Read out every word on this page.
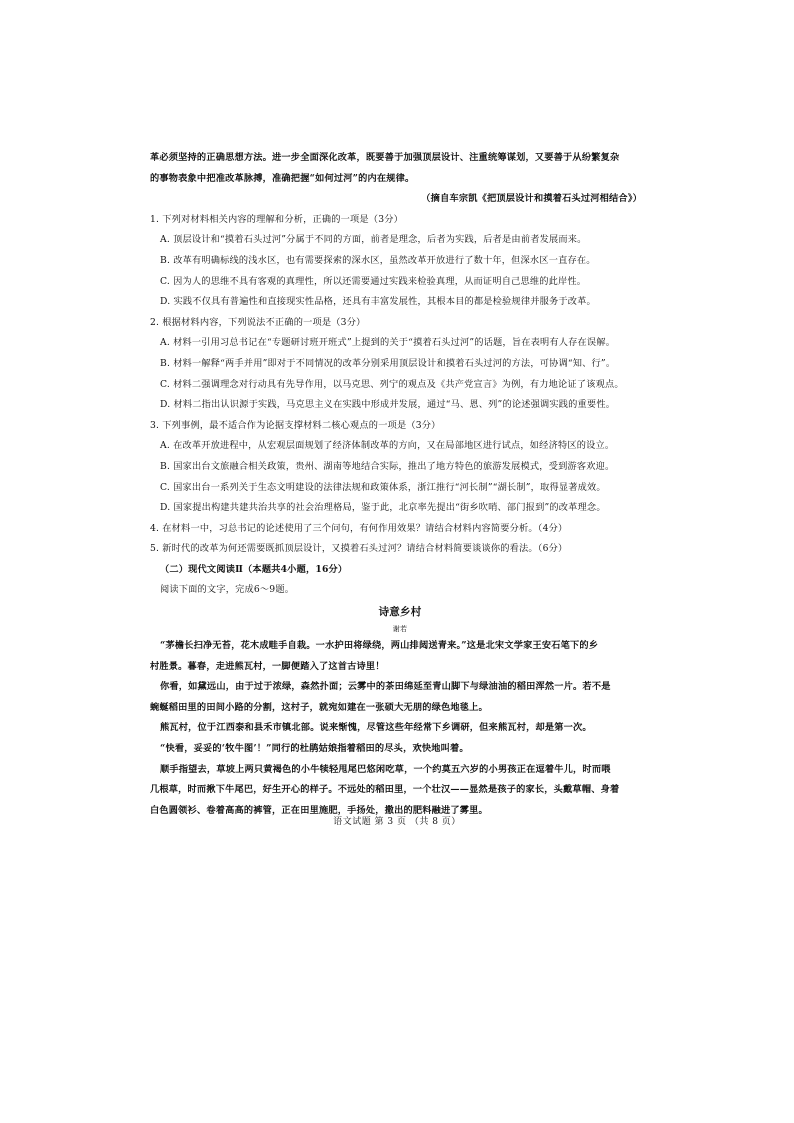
革必须坚持的正确思想方法。进一步全面深化改革，既要善于加强顶层设计、注重统筹谋划，又要善于从纷繁复杂
的事物表象中把准改革脉搏，准确把握“如何过河”的内在规律。
（摘自车宗凯《把顶层设计和摸着石头过河相结合》）
1. 下列对材料相关内容的理解和分析，正确的一项是（3分）
A. 顶层设计和“摸着石头过河”分属于不同的方面，前者是理念，后者为实践，后者是由前者发展而来。
B. 改革有明确标线的浅水区，也有需要探索的深水区，虽然改革开放进行了数十年，但深水区一直存在。
C. 因为人的思维不具有客观的真理性，所以还需要通过实践来检验真理，从而证明自己思维的此岸性。
D. 实践不仅具有普遍性和直接现实性品格，还具有丰富发展性，其根本目的都是检验规律并服务于改革。
2. 根据材料内容，下列说法不正确的一项是（3分）
A. 材料一引用习总书记在“专题研讨班开班式”上提到的关于“摸着石头过河”的话题，旨在表明有人存在误解。
B. 材料一解释“两手并用”即对于不同情况的改革分别采用顶层设计和摸着石头过河的方法，可协调“知、行”。
C. 材料二强调理念对行动具有先导作用，以马克思、列宁的观点及《共产党宣言》为例，有力地论证了该观点。
D. 材料二指出认识源于实践，马克思主义在实践中形成并发展，通过“马、恩、列”的论述强调实践的重要性。
3. 下列事例，最不适合作为论据支撑材料二核心观点的一项是（3分）
A. 在改革开放进程中，从宏观层面规划了经济体制改革的方向，又在局部地区进行试点，如经济特区的设立。
B. 国家出台文旅融合相关政策，贵州、湖南等地结合实际，推出了地方特色的旅游发展模式，受到游客欢迎。
C. 国家出台一系列关于生态文明建设的法律法规和政策体系，浙江推行“河长制”“湖长制”，取得显著成效。
D. 国家提出构建共建共治共享的社会治理格局，鉴于此，北京率先提出“街乡吹哨、部门报到”的改革理念。
4. 在材料一中，习总书记的论述使用了三个问句，有何作用效果？请结合材料内容简要分析。（4分）
5. 新时代的改革为何还需要既抓顶层设计，又摸着石头过河？请结合材料简要谈谈你的看法。（6分）
（二）现代文阅读Ⅱ（本题共4小题，16分）
阅读下面的文字，完成6～9题。
诗意乡村
谢若
“茅檐长扫净无苔，花木成畦手自栽。一水护田将绿绕，两山排闼送青来。”这是北宋文学家王安石笔下的乡
村胜景。暮春，走进熊瓦村，一脚便踏入了这首古诗里！
你看，如黛远山，由于过于浓绿，森然扑面；云雾中的茶田绵延至青山脚下与绿油油的稻田浑然一片。若不是
蜿蜒稻田里的田间小路的分割，这村子，就宛如建在一张硕大无朋的绿色地毯上。
熊瓦村，位于江西泰和县禾市镇北部。说来惭愧，尽管这些年经常下乡调研，但来熊瓦村，却是第一次。
“快看，妥妥的‘牧牛图’！”同行的杜鹃姑娘指着稻田的尽头，欢快地叫着。
顺手指望去，草坡上两只黄褐色的小牛犊轻甩尾巴悠闲吃草，一个约莫五六岁的小男孩正在逗着牛儿，时而喂
几根草，时而揪下牛尾巴，好生开心的样子。不远处的稻田里，一个壮汉——显然是孩子的家长，头戴草帽、身着
白色圆领衫、卷着高高的裤管，正在田里施肥，手扬处，撒出的肥料融进了雾里。
语文试题 第 3 页 （共 8 页）
